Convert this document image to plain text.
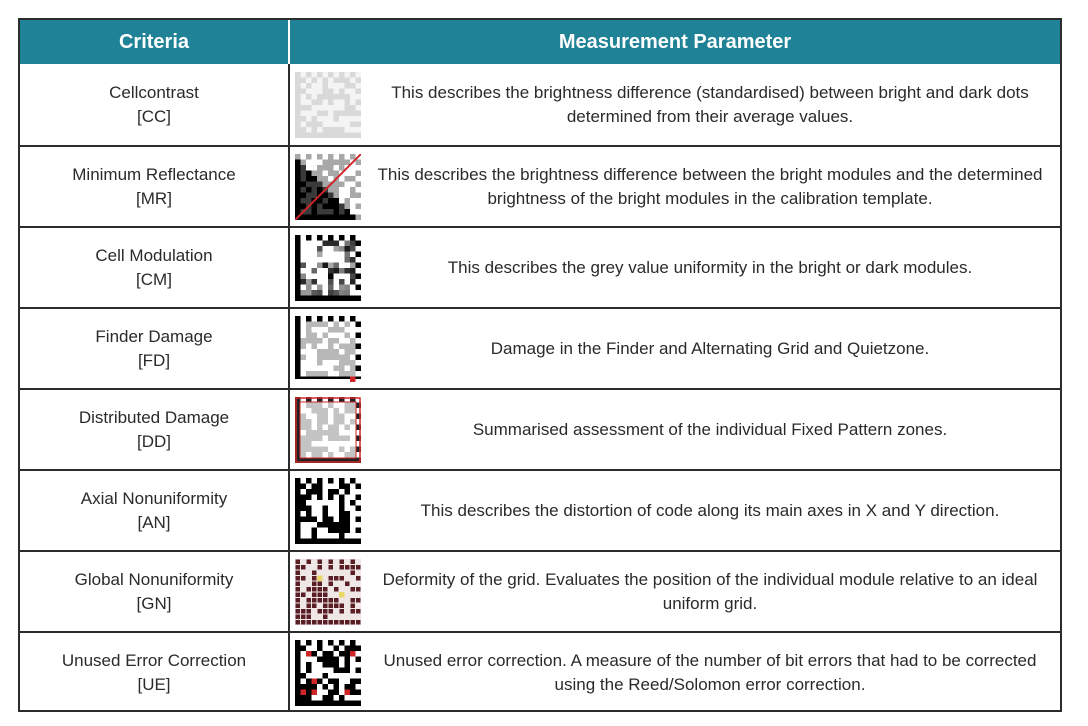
Criteria	Measurement Parameter
Cellcontrast
[CC]
This describes the brightness difference (standardised) between bright and dark dots determined from their average values.
Minimum Reflectance
[MR]
This describes the brightness difference between the bright modules and the determined brightness of the bright modules in the calibration template.
Cell Modulation
[CM]
This describes the grey value uniformity in the bright or dark modules.
Finder Damage
[FD]
Damage in the Finder and Alternating Grid and Quietzone.
Distributed Damage
[DD]
Summarised assessment of the individual Fixed Pattern zones.
Axial Nonuniformity
[AN]
This describes the distortion of code along its main axes in X and Y direction.
Global Nonuniformity
[GN]
Deformity of the grid. Evaluates the position of the individual module relative to an ideal uniform grid.
Unused Error Correction
[UE]
Unused error correction. A measure of the number of bit errors that had to be corrected using the Reed/Solomon error correction.
